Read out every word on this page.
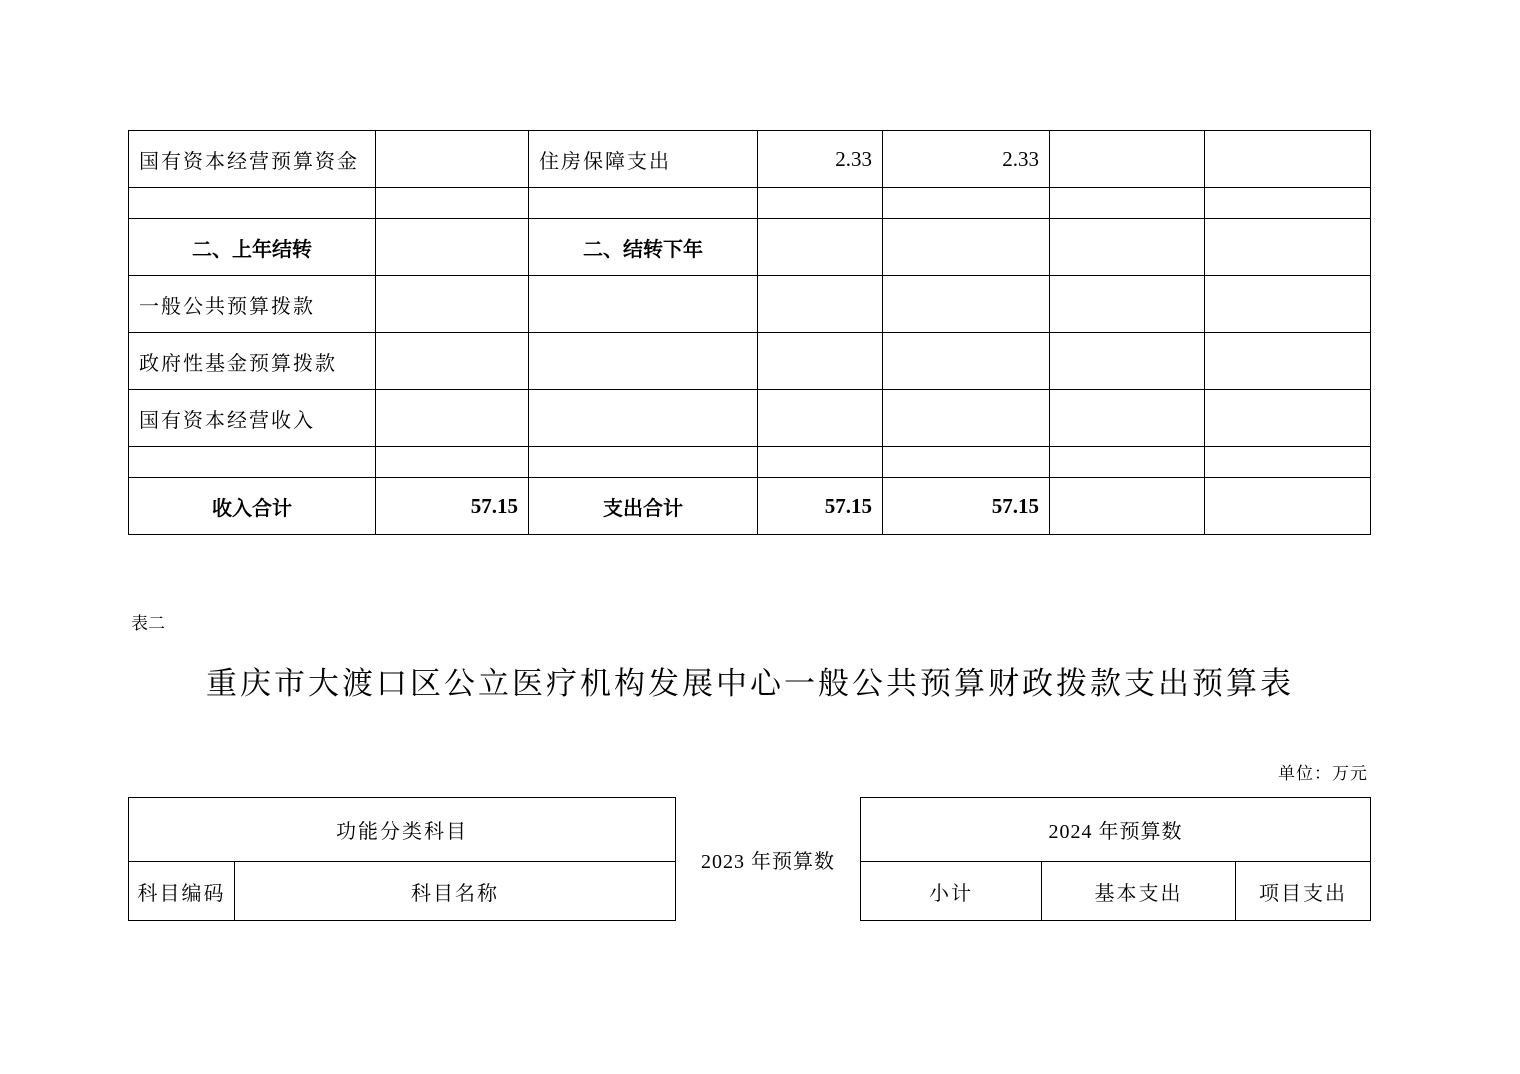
国有资本经营预算资金		住房保障支出	2.33	2.33		

二、上年结转		二、结转下年				
一般公共预算拨款						
政府性基金预算拨款						
国有资本经营收入						

收入合计	57.15	支出合计	57.15	57.15		
表二
重庆市大渡口区公立医疗机构发展中心一般公共预算财政拨款支出预算表
单位：万元
功能分类科目		2023 年预算数	2024 年预算数		
科目编码	科目名称		小计	基本支出	项目支出
